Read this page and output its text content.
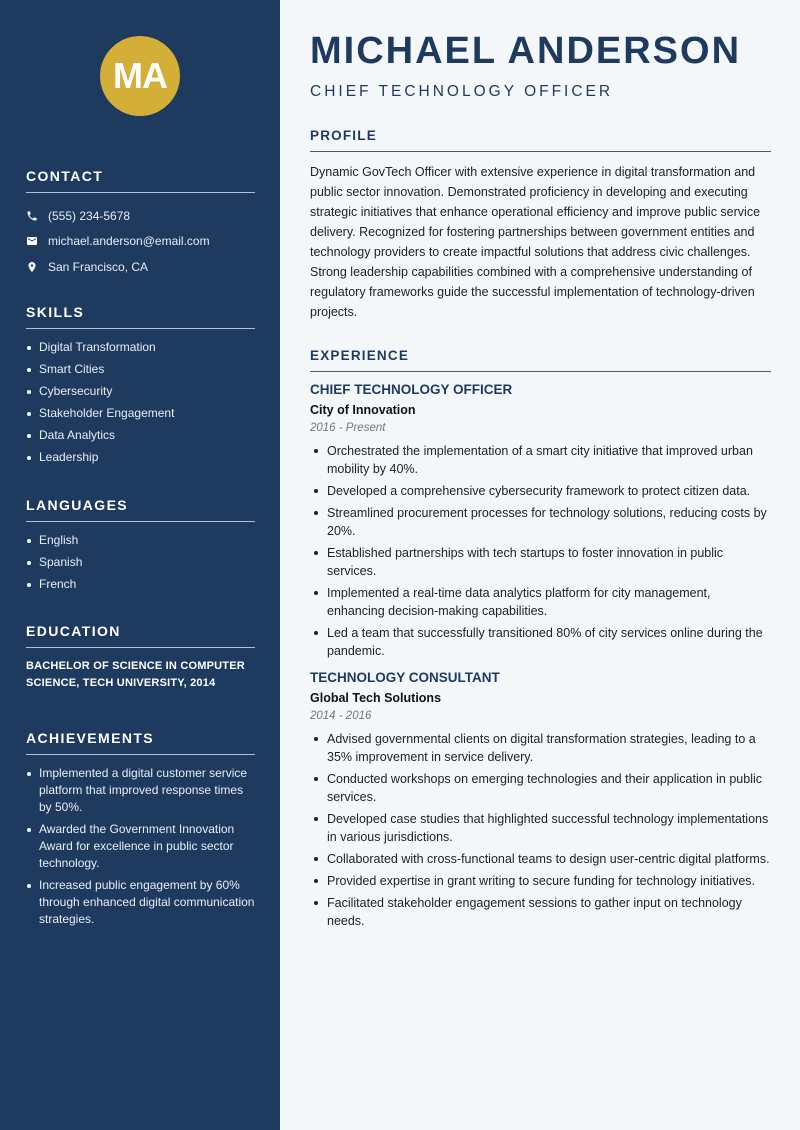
MA
CONTACT
(555) 234-5678
michael.anderson@email.com
San Francisco, CA
SKILLS
Digital Transformation
Smart Cities
Cybersecurity
Stakeholder Engagement
Data Analytics
Leadership
LANGUAGES
English
Spanish
French
EDUCATION

BACHELOR OF SCIENCE IN COMPUTER SCIENCE, TECH UNIVERSITY, 2014

ACHIEVEMENTS
Implemented a digital customer service platform that improved response times by 50%.
Awarded the Government Innovation Award for excellence in public sector technology.
Increased public engagement by 60% through enhanced digital communication strategies.
MICHAEL ANDERSON
CHIEF TECHNOLOGY OFFICER
PROFILE

Dynamic GovTech Officer with extensive experience in digital transformation and public sector innovation. Demonstrated proficiency in developing and executing strategic initiatives that enhance operational efficiency and improve public service delivery. Recognized for fostering partnerships between government entities and technology providers to create impactful solutions that address civic challenges. Strong leadership capabilities combined with a comprehensive understanding of regulatory frameworks guide the successful implementation of technology-driven projects.

EXPERIENCE
CHIEF TECHNOLOGY OFFICER
City of Innovation
2016 - Present
Orchestrated the implementation of a smart city initiative that improved urban mobility by 40%.
Developed a comprehensive cybersecurity framework to protect citizen data.
Streamlined procurement processes for technology solutions, reducing costs by 20%.
Established partnerships with tech startups to foster innovation in public services.
Implemented a real-time data analytics platform for city management, enhancing decision-making capabilities.
Led a team that successfully transitioned 80% of city services online during the pandemic.
TECHNOLOGY CONSULTANT
Global Tech Solutions
2014 - 2016
Advised governmental clients on digital transformation strategies, leading to a 35% improvement in service delivery.
Conducted workshops on emerging technologies and their application in public services.
Developed case studies that highlighted successful technology implementations in various jurisdictions.
Collaborated with cross-functional teams to design user-centric digital platforms.
Provided expertise in grant writing to secure funding for technology initiatives.
Facilitated stakeholder engagement sessions to gather input on technology needs.
